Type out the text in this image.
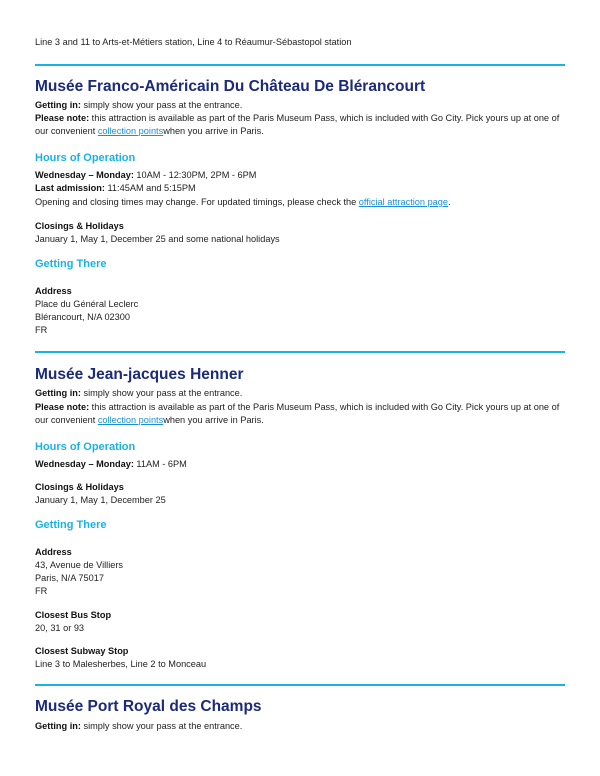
Line 3 and 11 to Arts-et-Métiers station, Line 4 to Réaumur-Sébastopol station
Musée Franco-Américain Du Château De Blérancourt
Getting in: simply show your pass at the entrance.
Please note: this attraction is available as part of the Paris Museum Pass, which is included with Go City. Pick yours up at one of
our convenient collection pointswhen you arrive in Paris.
Hours of Operation
Wednesday – Monday: 10AM - 12:30PM, 2PM - 6PM
Last admission: 11:45AM and 5:15PM
Opening and closing times may change. For updated timings, please check the official attraction page.
Closings & Holidays
January 1, May 1, December 25 and some national holidays
Getting There
Address
Place du Général Leclerc
Blérancourt, N/A 02300
FR
Musée Jean-jacques Henner
Getting in: simply show your pass at the entrance.
Please note: this attraction is available as part of the Paris Museum Pass, which is included with Go City. Pick yours up at one of
our convenient collection pointswhen you arrive in Paris.
Hours of Operation
Wednesday – Monday: 11AM - 6PM
Closings & Holidays
January 1, May 1, December 25
Getting There
Address
43, Avenue de Villiers
Paris, N/A 75017
FR
Closest Bus Stop
20, 31 or 93
Closest Subway Stop
Line 3 to Malesherbes, Line 2 to Monceau
Musée Port Royal des Champs
Getting in: simply show your pass at the entrance.
